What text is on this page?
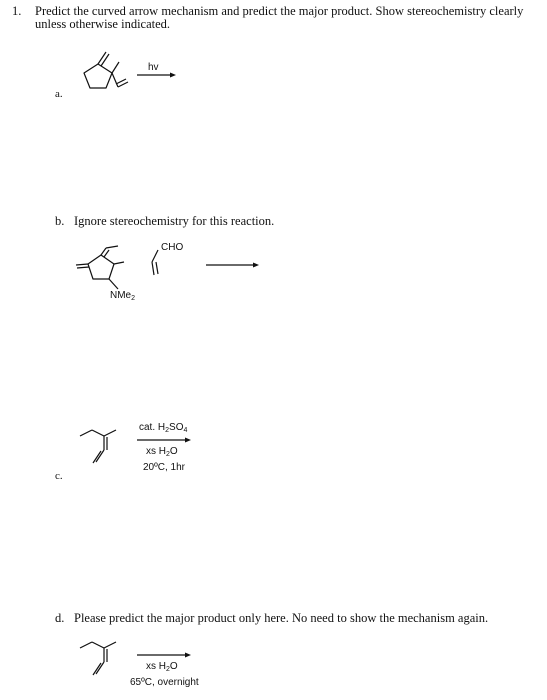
1. Predict the curved arrow mechanism and predict the major product. Show stereochemistry clearly
unless otherwise indicated.
a.
hv
b. Ignore stereochemistry for this reaction.
CHO
NMe$_2$
c.
cat. $H_2SO_4$
xs $H_2O$
20ºC, 1hr
d. Please predict the major product only here. No need to show the mechanism again.
xs $H_2O$
65ºC, overnight
